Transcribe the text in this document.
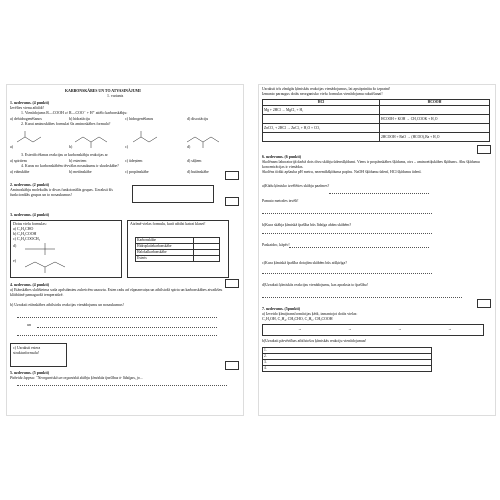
KARBONSKĀBES UN TO ATVASINĀJUMI
1. variants
1. uzdevums. (4 punkti)
Izvēlies vienu atbildi!
1. Vienādojums R—COOH ⇄ R—COO⁻ + H⁺ attēlo karbonskābju:
a) dehidrogenēšanos	b) hidratāciju	c) hidrogenēšanos	d) disociāciju
2. Kurai aminoskābes formulai šīs aminoskābes formula?
a)	b)	c)	d)
3. Esterificēšanas reakcijas ar karbonskābju reakcijas ar
a) spirtiem	b) esteriem	c) ūdeņiem	d) sāļiem
4. Kuras no karbonskābēm tēvvālas nosaukumu ir skudrskābe?
a) etānskābe	b) metānskābe	c) propānskābe	d) butānskābe
2. uzdevums. (2 punkti)
Aminoskābju molekulās ir divas funkcionālās grupas. Uzraksti šīs funkcionālās grupas un to nosaukumus!
3. uzdevums. (4 punkti)
Dotas vielu formulas:
a) C₂H₅CHO
b) C₂H₅COOH
c) C₂H₅COOCH₃
d)
e)
Atzīmē vielas formulu, kurā atbilst katrai klasei!
Karbonskābe	
Hidroplaiiekarbonskābe	
Halokalkarbonskābe	
Esteris	
4. uzdevums. (4 punkti)
a) Etānskābes slaltšteima soda aprlstāmieu zulreicēm uzaoztu. Esten radu arī rūpnanvaiņa un atbilstošā spirta un karbonskābes atvaikšeu klātbūtnē pamaguošā temperatūrē.
b) Uzraksti etānskābes atbilstošu reakcijas vienādojumu un nosaukumus!
un
c) Uzraksti estera strukturformulu!
5. uzdevums. (5 punkti)
Pabeidz lappsu: "Neorganiskā un organiskā skābju ķīmiskās īpašības ir līdzīgas, jo...
Uzraksti trīs zīmīgās ķīmiskās reakcijas vienādojumus, lai apstiprinātu šo izpratni!
Izmanto paraugus dotās neorganisko vielu formulas vienādojumu rakstīšanai!
HCl	HCOOH
Mg + 2HCl → MgCl₂ + H₂	
	HCOOH + KOH → CH₃COOK + H₂O
ZnCO₃ + 2HCl → ZnCl₂ + H₂O + CO₂	
	2HCOOH + BaO → (HCOO)₂Ba + H₂O
6. uzdevums. (6 punkti)
Skolēnam laboratorijā darbā dots divu skābju ūdensšķīdumi. Viens ir propānskābes šķīdums, otrs – aminoetiķskābes šķīdums. Abu šķīdumu koncentrācijas ir vienādas.
Skolēns tīrāki apšauba pH metru, nezemīkšķīduma papīru. NaOH šķīdumu ūdenī, HCl šķīdumu ūdenī.
a)Kādu ķīmisko izvēlēties skābju pazīmes?
Pamato metodes izvēli!
b)Kura skābja ķīmiskā īpašība būs līdzīga abām skābēm?
Paskaidro, kāpēc!
c)Kura ķīmiskā īpašība dotajām skābēm būs atšķirīga?
d)Uzraksti ķīmiskās reakcijas vienādojumu, kas apraksta to īpašību!
7. uzdevums. (5punkti)
a) Izveido ķīmijtransformācijas ķēdi, izmantojot dotās vielas:
C₂H₅OH, C₂H₄, CH₃CHO, C₂H₆, CH₃COOH
→	→	→	→
b)Uzraksti pārvērtības atbilstošos ķīmiskās reakciju vienādojumus!
1.
2.
3.
4.
